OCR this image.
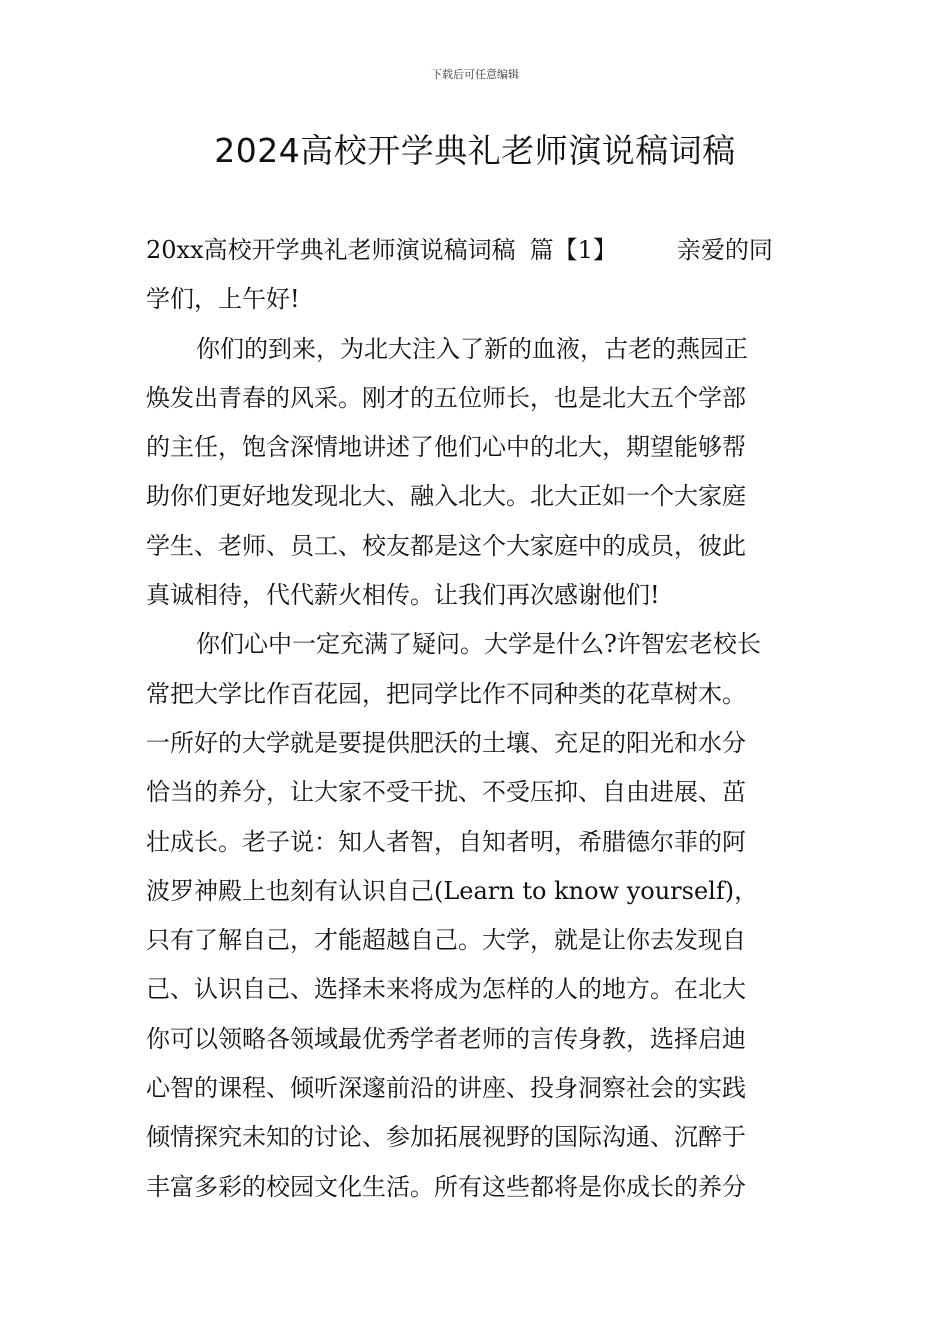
下载后可任意编辑
2024高校开学典礼老师演说稿词稿
20xx高校开学典礼老师演说稿词稿 篇【1】	亲爱的同
学们，上午好!
你们的到来，为北大注入了新的血液，古老的燕园正
焕发出青春的风采。刚才的五位师长，也是北大五个学部
的主任，饱含深情地讲述了他们心中的北大，期望能够帮
助你们更好地发现北大、融入北大。北大正如一个大家庭
学生、老师、员工、校友都是这个大家庭中的成员，彼此
真诚相待，代代薪火相传。让我们再次感谢他们!
你们心中一定充满了疑问。大学是什么?许智宏老校长
常把大学比作百花园，把同学比作不同种类的花草树木。
一所好的大学就是要提供肥沃的土壤、充足的阳光和水分
恰当的养分，让大家不受干扰、不受压抑、自由进展、茁
壮成长。老子说：知人者智，自知者明，希腊德尔菲的阿
波罗神殿上也刻有认识自己(Learn to know yourself)，
只有了解自己，才能超越自己。大学，就是让你去发现自
己、认识自己、选择未来将成为怎样的人的地方。在北大
你可以领略各领域最优秀学者老师的言传身教，选择启迪
心智的课程、倾听深邃前沿的讲座、投身洞察社会的实践
倾情探究未知的讨论、参加拓展视野的国际沟通、沉醉于
丰富多彩的校园文化生活。所有这些都将是你成长的养分
